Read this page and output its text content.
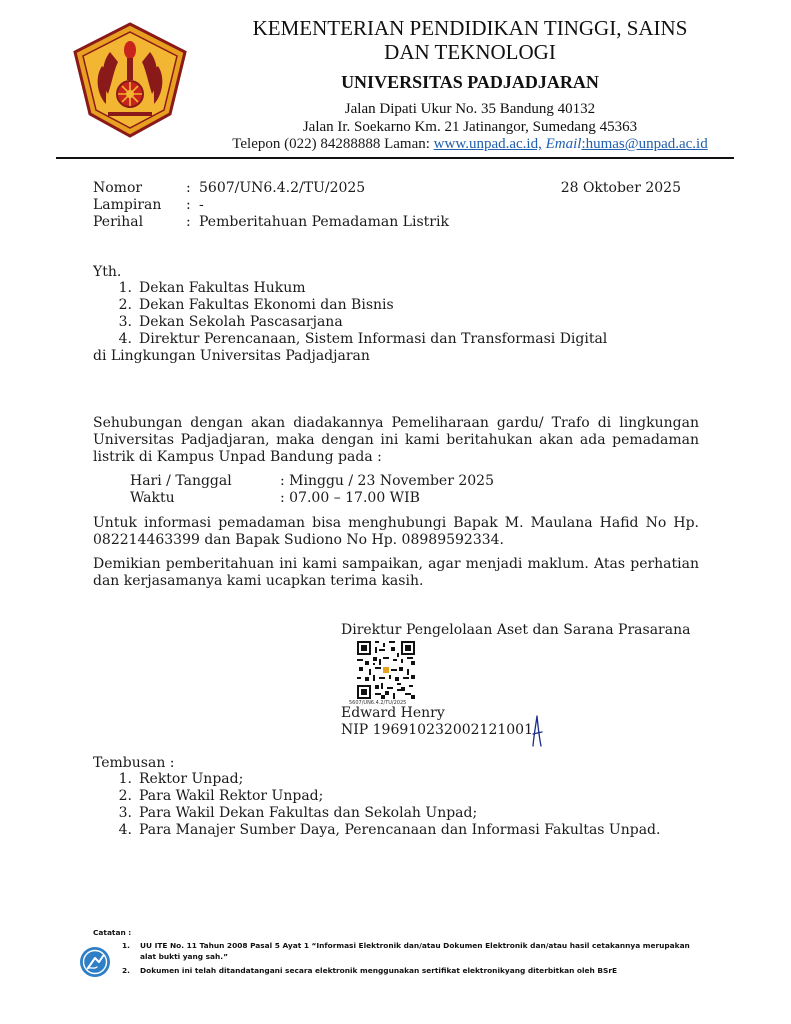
KEMENTERIAN PENDIDIKAN TINGGI, SAINS
DAN TEKNOLOGI
UNIVERSITAS PADJADJARAN
Jalan Dipati Ukur No. 35 Bandung 40132
Jalan Ir. Soekarno Km. 21 Jatinangor, Sumedang 45363
Telepon (022) 84288888 Laman: www.unpad.ac.id, Email:humas@unpad.ac.id
Nomor	: 5607/UN6.4.2/TU/2025	28 Oktober 2025
Lampiran : -
Perihal	: Pemberitahuan Pemadaman Listrik
Yth.
1. Dekan Fakultas Hukum
2. Dekan Fakultas Ekonomi dan Bisnis
3. Dekan Sekolah Pascasarjana
4. Direktur Perencanaan, Sistem Informasi dan Transformasi Digital
di Lingkungan Universitas Padjadjaran
Sehubungan dengan akan diadakannya Pemeliharaan gardu/ Trafo di lingkungan Universitas Padjadjaran, maka dengan ini kami beritahukan akan ada pemadaman listrik di Kampus Unpad Bandung pada :
Hari / Tanggal	: Minggu / 23 November 2025
Waktu	: 07.00 – 17.00 WIB
Untuk informasi pemadaman bisa menghubungi Bapak M. Maulana Hafid No Hp. 082214463399 dan Bapak Sudiono No Hp. 08989592334.
Demikian pemberitahuan ini kami sampaikan, agar menjadi maklum. Atas perhatian dan kerjasamanya kami ucapkan terima kasih.
Direktur Pengelolaan Aset dan Sarana Prasarana
5607/UN6.4.2/TU/2025
Edward Henry
NIP 196910232002121001
Tembusan :
1. Rektor Unpad;
2. Para Wakil Rektor Unpad;
3. Para Wakil Dekan Fakultas dan Sekolah Unpad;
4. Para Manajer Sumber Daya, Perencanaan dan Informasi Fakultas Unpad.
Catatan :
1. UU ITE No. 11 Tahun 2008 Pasal 5 Ayat 1 “Informasi Elektronik dan/atau Dokumen Elektronik dan/atau hasil cetakannya merupakan
alat bukti yang sah.”
2. Dokumen ini telah ditandatangani secara elektronik menggunakan sertifikat elektronikyang diterbitkan oleh BSrE
